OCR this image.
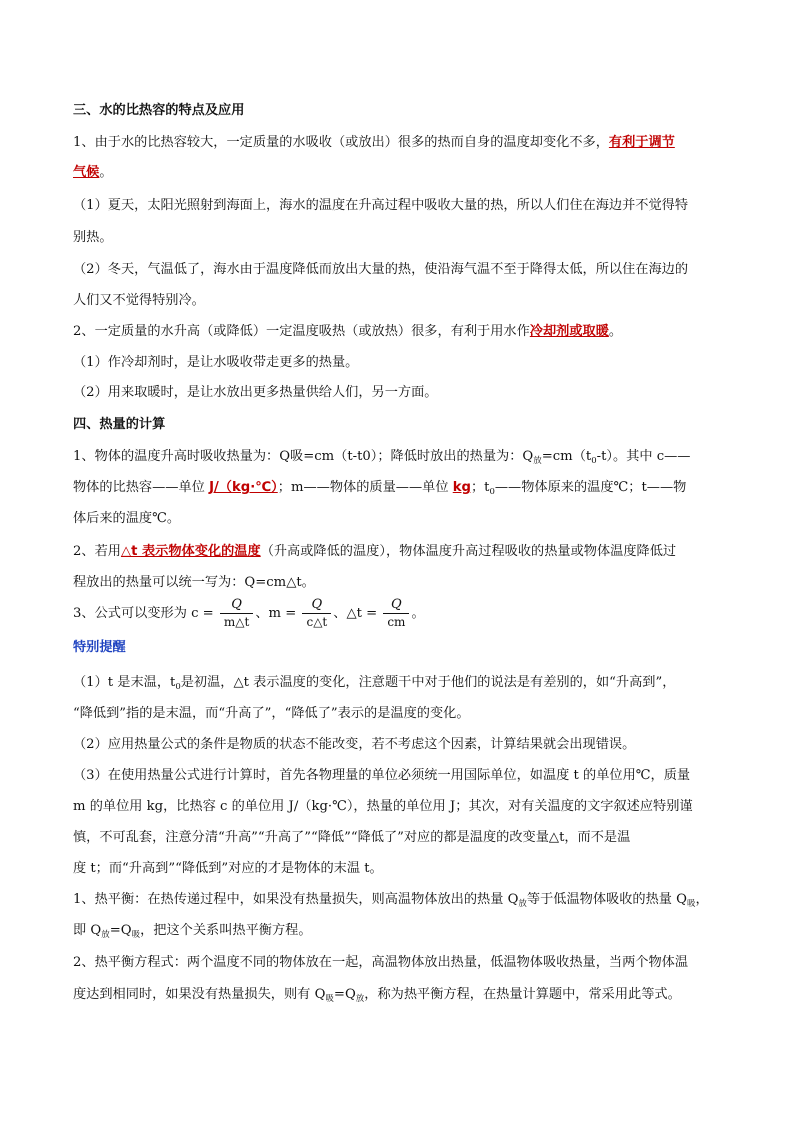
三、水的比热容的特点及应用
1、由于水的比热容较大，一定质量的水吸收（或放出）很多的热而自身的温度却变化不多，有利于调节
气候。
（1）夏天，太阳光照射到海面上，海水的温度在升高过程中吸收大量的热，所以人们住在海边并不觉得特
别热。
（2）冬天，气温低了，海水由于温度降低而放出大量的热，使沿海气温不至于降得太低，所以住在海边的
人们又不觉得特别冷。
2、一定质量的水升高（或降低）一定温度吸热（或放热）很多，有利于用水作冷却剂或取暖。
（1）作冷却剂时，是让水吸收带走更多的热量。
（2）用来取暖时，是让水放出更多热量供给人们，另一方面。
四、热量的计算
1、物体的温度升高时吸收热量为：Q吸=cm（t-t0）；降低时放出的热量为：$Q_放=cm(t_0-t)$。其中 c——
物体的比热容——单位 J/（kg·℃）；m——物体的质量——单位 kg；$t_0——$物体原来的温度℃；t——物
体后来的温度℃。
2、若用△t 表示物体变化的温度（升高或降低的温度），物体温度升高过程吸收的热量或物体温度降低过
程放出的热量可以统一写为：Q=cm△t。
3、公式可以变形为 $c = \frac{Q}{m\triangle t}$ 、$m = \frac{Q}{c\triangle t}$ 、△t = $\frac{Q}{cm}$ 。
特别提醒
（1）t 是末温，$t_0$是初温，△t 表示温度的变化，注意题干中对于他们的说法是有差别的，如“升高到”，
“降低到”指的是末温，而“升高了”，“降低了”表示的是温度的变化。
（2）应用热量公式的条件是物质的状态不能改变，若不考虑这个因素，计算结果就会出现错误。
（3）在使用热量公式进行计算时，首先各物理量的单位必须统一用国际单位，如温度 t 的单位用℃，质量
m 的单位用 kg，比热容 c 的单位用 J/（kg·℃），热量的单位用 J；其次，对有关温度的文字叙述应特别谨
慎，不可乱套，注意分清“升高”“升高了”“降低”“降低了”对应的都是温度的改变量△t，而不是温
度 t；而“升高到”“降低到”对应的才是物体的末温 t。
1、热平衡：在热传递过程中，如果没有热量损失，则高温物体放出的热量 $Q_放$等于低温物体吸收的热量 $Q_吸$，
即 $Q_放=Q_吸$，把这个关系叫热平衡方程。
2、热平衡方程式：两个温度不同的物体放在一起，高温物体放出热量，低温物体吸收热量，当两个物体温
度达到相同时，如果没有热量损失，则有 $Q_吸=Q_放$，称为热平衡方程，在热量计算题中，常采用此等式。
